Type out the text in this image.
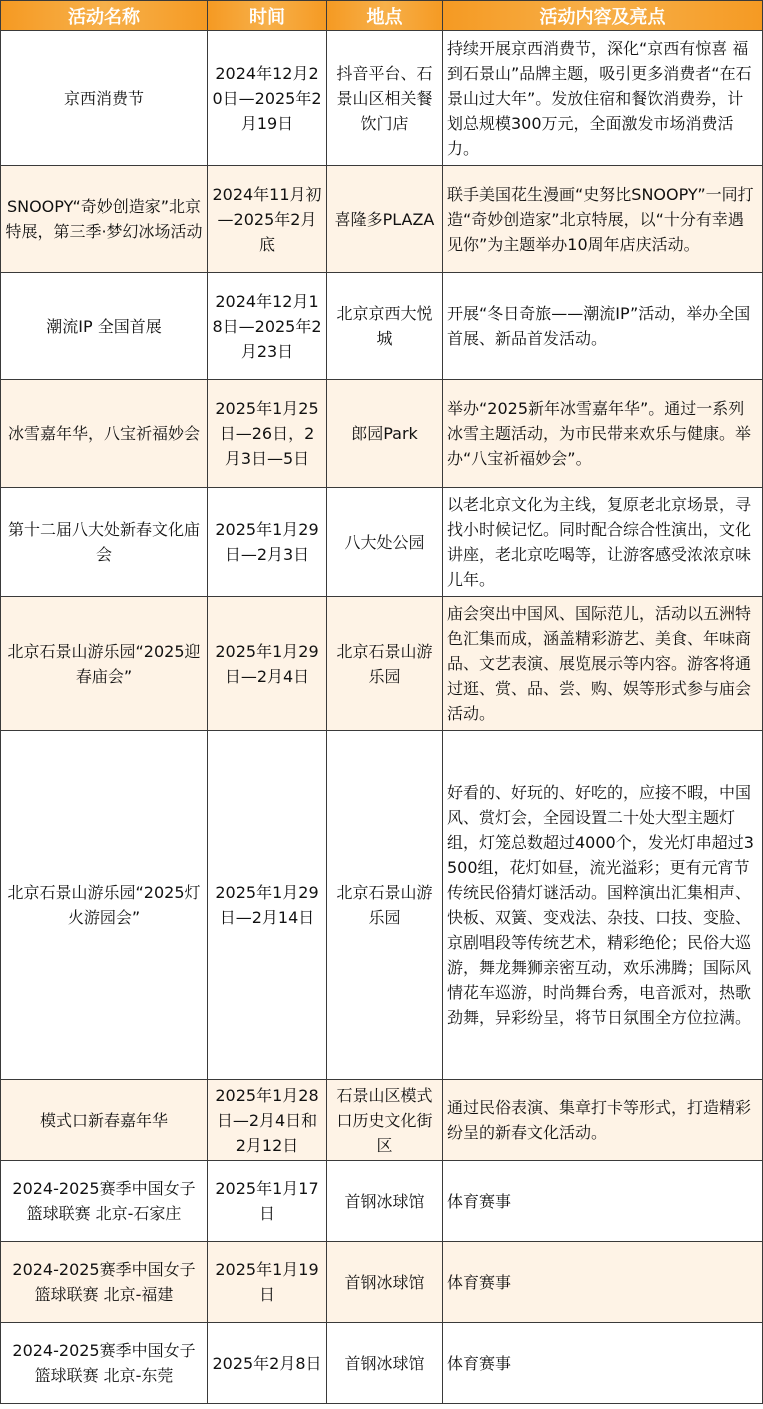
活动名称	时间	地点	活动内容及亮点
京西消费节	2024年12月20日—2025年2月19日	抖音平台、石景山区相关餐饮门店	持续开展京西消费节，深化“京西有惊喜 福到石景山”品牌主题，吸引更多消费者“在石景山过大年”。发放住宿和餐饮消费券，计划总规模300万元，全面激发市场消费活力。
SNOOPY“奇妙创造家”北京特展，第三季·梦幻冰场活动	2024年11月初—2025年2月底	喜隆多PLAZA	联手美国花生漫画“史努比SNOOPY”一同打造“奇妙创造家”北京特展，以“十分有幸遇见你”为主题举办10周年店庆活动。
潮流IP 全国首展	2024年12月18日—2025年2月23日	北京京西大悦城	开展“冬日奇旅——潮流IP”活动，举办全国首展、新品首发活动。
冰雪嘉年华，八宝祈福妙会	2025年1月25日—26日，2月3日—5日	郎园Park	举办“2025新年冰雪嘉年华”。通过一系列冰雪主题活动，为市民带来欢乐与健康。举办“八宝祈福妙会”。
第十二届八大处新春文化庙会	2025年1月29日—2月3日	八大处公园	以老北京文化为主线，复原老北京场景，寻找小时候记忆。同时配合综合性演出，文化讲座，老北京吃喝等，让游客感受浓浓京味儿年。
北京石景山游乐园“2025迎春庙会”	2025年1月29日—2月4日	北京石景山游乐园	庙会突出中国风、国际范儿，活动以五洲特色汇集而成，涵盖精彩游艺、美食、年味商品、文艺表演、展览展示等内容。游客将通过逛、赏、品、尝、购、娱等形式参与庙会活动。
北京石景山游乐园“2025灯火游园会”	2025年1月29日—2月14日	北京石景山游乐园	好看的、好玩的、好吃的，应接不暇，中国风、赏灯会，全园设置二十处大型主题灯组，灯笼总数超过4000个，发光灯串超过3500组，花灯如昼，流光溢彩；更有元宵节传统民俗猜灯谜活动。国粹演出汇集相声、快板、双簧、变戏法、杂技、口技、变脸、京剧唱段等传统艺术，精彩绝伦；民俗大巡游，舞龙舞狮亲密互动，欢乐沸腾；国际风情花车巡游，时尚舞台秀，电音派对，热歌劲舞，异彩纷呈，将节日氛围全方位拉满。
模式口新春嘉年华	2025年1月28日—2月4日和2月12日	石景山区模式口历史文化街区	通过民俗表演、集章打卡等形式，打造精彩纷呈的新春文化活动。
2024-2025赛季中国女子篮球联赛 北京-石家庄	2025年1月17日	首钢冰球馆	体育赛事
2024-2025赛季中国女子篮球联赛 北京-福建	2025年1月19日	首钢冰球馆	体育赛事
2024-2025赛季中国女子篮球联赛 北京-东莞	2025年2月8日	首钢冰球馆	体育赛事
